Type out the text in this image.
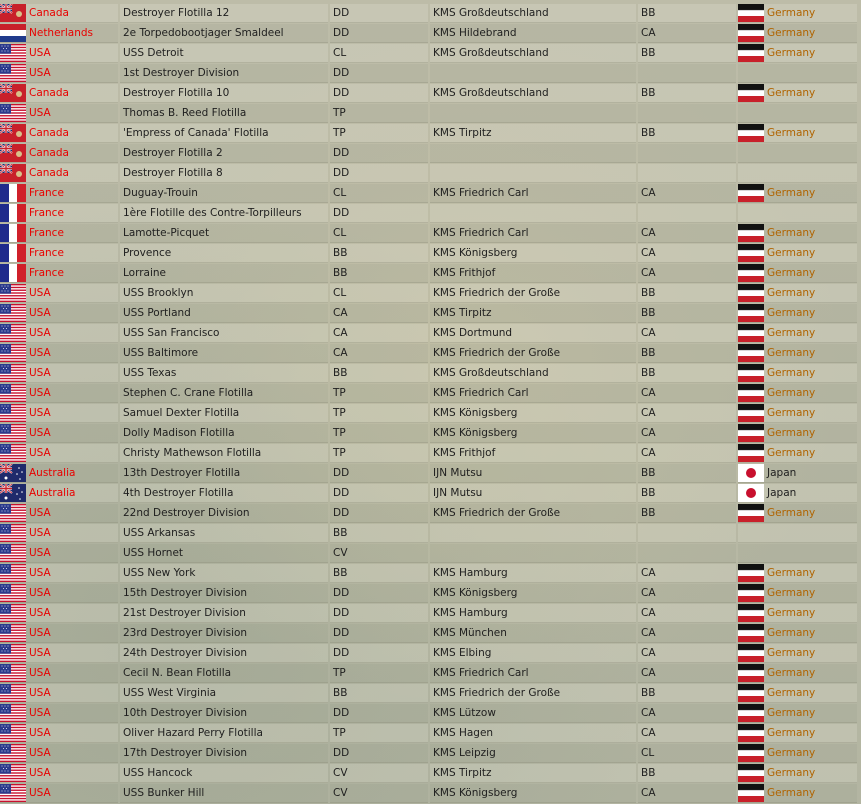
Canada	Destroyer Flotilla 12	DD	KMS Großdeutschland	BB	Germany
Netherlands	2e Torpedobootjager Smaldeel	DD	KMS Hildebrand	CA	Germany
USA	USS Detroit	CL	KMS Großdeutschland	BB	Germany
USA	1st Destroyer Division	DD
Canada	Destroyer Flotilla 10	DD	KMS Großdeutschland	BB	Germany
USA	Thomas B. Reed Flotilla	TP
Canada	'Empress of Canada' Flotilla	TP	KMS Tirpitz	BB	Germany
Canada	Destroyer Flotilla 2	DD
Canada	Destroyer Flotilla 8	DD
France	Duguay-Trouin	CL	KMS Friedrich Carl	CA	Germany
France	1ère Flotille des Contre-Torpilleurs	DD
France	Lamotte-Picquet	CL	KMS Friedrich Carl	CA	Germany
France	Provence	BB	KMS Königsberg	CA	Germany
France	Lorraine	BB	KMS Frithjof	CA	Germany
USA	USS Brooklyn	CL	KMS Friedrich der Große	BB	Germany
USA	USS Portland	CA	KMS Tirpitz	BB	Germany
USA	USS San Francisco	CA	KMS Dortmund	CA	Germany
USA	USS Baltimore	CA	KMS Friedrich der Große	BB	Germany
USA	USS Texas	BB	KMS Großdeutschland	BB	Germany
USA	Stephen C. Crane Flotilla	TP	KMS Friedrich Carl	CA	Germany
USA	Samuel Dexter Flotilla	TP	KMS Königsberg	CA	Germany
USA	Dolly Madison Flotilla	TP	KMS Königsberg	CA	Germany
USA	Christy Mathewson Flotilla	TP	KMS Frithjof	CA	Germany
Australia	13th Destroyer Flotilla	DD	IJN Mutsu	BB	Japan
Australia	4th Destroyer Flotilla	DD	IJN Mutsu	BB	Japan
USA	22nd Destroyer Division	DD	KMS Friedrich der Große	BB	Germany
USA	USS Arkansas	BB
USA	USS Hornet	CV
USA	USS New York	BB	KMS Hamburg	CA	Germany
USA	15th Destroyer Division	DD	KMS Königsberg	CA	Germany
USA	21st Destroyer Division	DD	KMS Hamburg	CA	Germany
USA	23rd Destroyer Division	DD	KMS München	CA	Germany
USA	24th Destroyer Division	DD	KMS Elbing	CA	Germany
USA	Cecil N. Bean Flotilla	TP	KMS Friedrich Carl	CA	Germany
USA	USS West Virginia	BB	KMS Friedrich der Große	BB	Germany
USA	10th Destroyer Division	DD	KMS Lützow	CA	Germany
USA	Oliver Hazard Perry Flotilla	TP	KMS Hagen	CA	Germany
USA	17th Destroyer Division	DD	KMS Leipzig	CL	Germany
USA	USS Hancock	CV	KMS Tirpitz	BB	Germany
USA	USS Bunker Hill	CV	KMS Königsberg	CA	Germany
